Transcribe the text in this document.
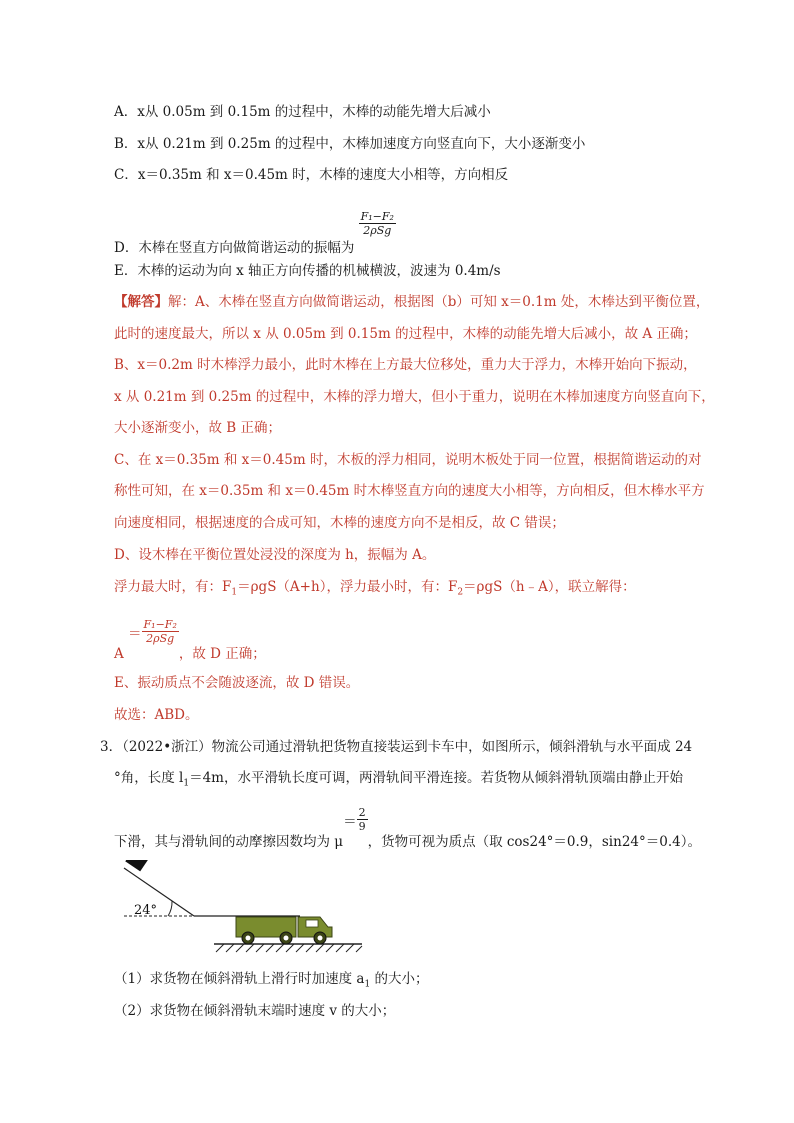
A．x从 0.05m 到 0.15m 的过程中，木棒的动能先增大后减小
B．x从 0.21m 到 0.25m 的过程中，木棒加速度方向竖直向下，大小逐渐变小
C．x＝0.35m 和 x＝0.45m 时，木棒的速度大小相等，方向相反
D．木棒在竖直方向做简谐运动的振幅为
$\frac{\text{F₁−F₂}}{\text{2ρSg}}$
E．木棒的运动为向 x 轴正方向传播的机械横波，波速为 0.4m/s
【解答】解：A、木棒在竖直方向做简谐运动，根据图（b）可知 x＝0.1m 处，木棒达到平衡位置，
此时的速度最大，所以 x 从 0.05m 到 0.15m 的过程中，木棒的动能先增大后减小，故 A 正确；
B、x＝0.2m 时木棒浮力最小，此时木棒在上方最大位移处，重力大于浮力，木棒开始向下振动，
x 从 0.21m 到 0.25m 的过程中，木棒的浮力增大，但小于重力，说明在木棒加速度方向竖直向下，
大小逐渐变小，故 B 正确；
C、在 x＝0.35m 和 x＝0.45m 时，木板的浮力相同，说明木板处于同一位置，根据简谐运动的对
称性可知，在 x＝0.35m 和 x＝0.45m 时木棒竖直方向的速度大小相等，方向相反，但木棒水平方
向速度相同，根据速度的合成可知，木棒的速度方向不是相反，故 C 错误；
D、设木棒在平衡位置处浸没的深度为 h，振幅为 A。
浮力最大时，有：$F_1=\rho gS(A+h)$，浮力最小时，有：$F_2=\rho gS(h﹣A)$，联立解得：
$A = \frac{\text{F₁−F₂}}{\text{2ρSg}}$
，故 D 正确；
E、振动质点不会随波逐流，故 D 错误。
故选：ABD。
3．（2022•浙江）物流公司通过滑轨把货物直接装运到卡车中，如图所示，倾斜滑轨与水平面成 24
°角，长度 $l_1=4m$，水平滑轨长度可调，两滑轨间平滑连接。若货物从倾斜滑轨顶端由静止开始
下滑，其与滑轨间的动摩擦因数均为 $\mu= \frac{2}{9}$
，货物可视为质点（取 cos24°＝0.9，sin24°＝0.4）。
24°
（1）求货物在倾斜滑轨上滑行时加速度 $a_1$ 的大小；
（2）求货物在倾斜滑轨末端时速度 v 的大小；
